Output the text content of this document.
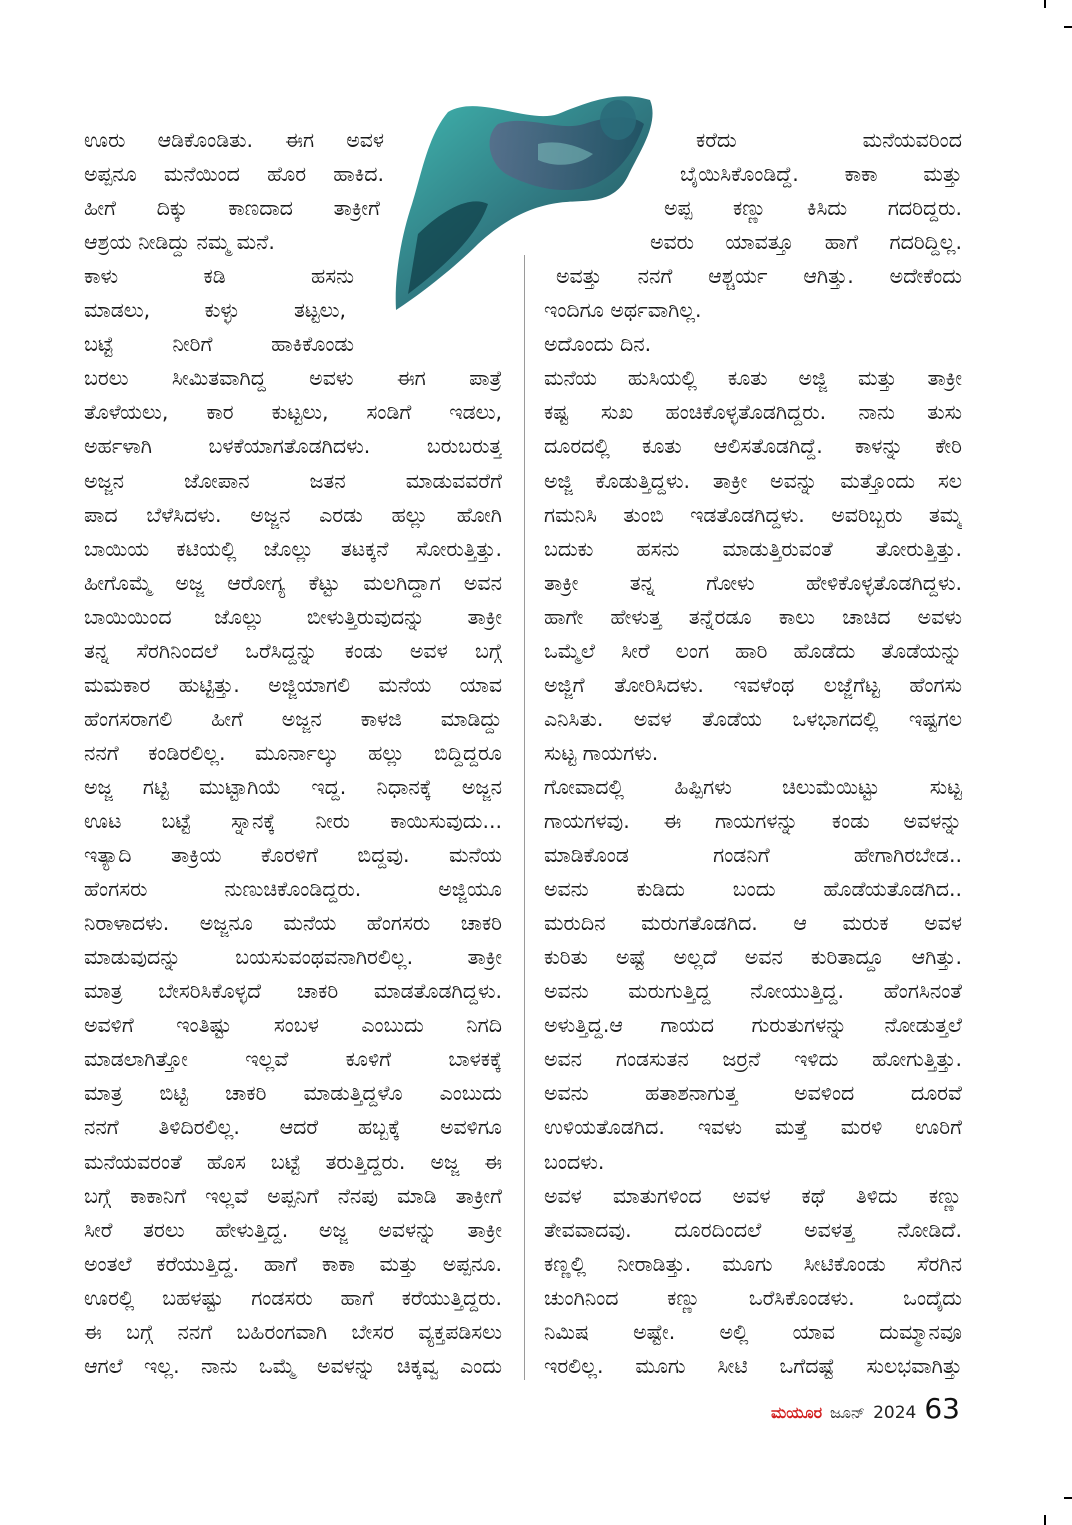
ಊರು ಆಡಿಕೊಂಡಿತು. ಈಗ ಅವಳ
ಅಪ್ಪನೂ ಮನೆಯಿಂದ ಹೊರ ಹಾಕಿದ.
ಹೀಗೆ ದಿಕ್ಕು ಕಾಣದಾದ ತಾಕ್ರೀಗೆ
ಆಶ್ರಯ ನೀಡಿದ್ದು ನಮ್ಮ ಮನೆ.
ಕಾಳು ಕಡಿ ಹಸನು
ಮಾಡಲು, ಕುಳ್ಳು ತಟ್ಟಲು,
ಬಟ್ಟೆ ನೀರಿಗೆ ಹಾಕಿಕೊಂಡು
ಬರಲು ಸೀಮಿತವಾಗಿದ್ದ ಅವಳು ಈಗ ಪಾತ್ರೆ
ತೊಳೆಯಲು, ಕಾರ ಕುಟ್ಟಲು, ಸಂಡಿಗೆ ಇಡಲು,
ಅರ್ಹಳಾಗಿ ಬಳಕೆಯಾಗತೊಡಗಿದಳು. ಬರುಬರುತ್ತ
ಅಜ್ಜನ ಜೋಪಾನ ಜತನ ಮಾಡುವವರೆಗೆ
ಪಾದ ಬೆಳೆಸಿದಳು. ಅಜ್ಜನ ಎರಡು ಹಲ್ಲು ಹೋಗಿ
ಬಾಯಿಯ ಕಟಿಯಲ್ಲಿ ಜೊಲ್ಲು ತಟಕ್ಕನೆ ಸೋರುತ್ತಿತ್ತು.
ಹೀಗೊಮ್ಮೆ ಅಜ್ಜ ಆರೋಗ್ಯ ಕೆಟ್ಟು ಮಲಗಿದ್ದಾಗ ಅವನ
ಬಾಯಿಯಿಂದ ಜೊಲ್ಲು ಬೀಳುತ್ತಿರುವುದನ್ನು ತಾಕ್ರೀ
ತನ್ನ ಸೆರಗಿನಿಂದಲೆ ಒರೆಸಿದ್ದನ್ನು ಕಂಡು ಅವಳ ಬಗ್ಗೆ
ಮಮಕಾರ ಹುಟ್ಟಿತ್ತು. ಅಜ್ಜಿಯಾಗಲಿ ಮನೆಯ ಯಾವ
ಹೆಂಗಸರಾಗಲಿ ಹೀಗೆ ಅಜ್ಜನ ಕಾಳಜಿ ಮಾಡಿದ್ದು
ನನಗೆ ಕಂಡಿರಲಿಲ್ಲ. ಮೂರ್ನಾಲ್ಕು ಹಲ್ಲು ಬಿದ್ದಿದ್ದರೂ
ಅಜ್ಜ ಗಟ್ಟಿ ಮುಟ್ಟಾಗಿಯೆ ಇದ್ದ. ನಿಧಾನಕ್ಕೆ ಅಜ್ಜನ
ಊಟ ಬಟ್ಟೆ ಸ್ನಾನಕ್ಕೆ ನೀರು ಕಾಯಿಸುವುದು...
ಇತ್ಯಾದಿ ತಾಕ್ರಿಯ ಕೊರಳಿಗೆ ಬಿದ್ದವು. ಮನೆಯ
ಹೆಂಗಸರು ನುಣುಚಿಕೊಂಡಿದ್ದರು. ಅಜ್ಜಿಯೂ
ನಿರಾಳಾದಳು. ಅಜ್ಜನೂ ಮನೆಯ ಹೆಂಗಸರು ಚಾಕರಿ
ಮಾಡುವುದನ್ನು ಬಯಸುವಂಥವನಾಗಿರಲಿಲ್ಲ. ತಾಕ್ರೀ
ಮಾತ್ರ ಬೇಸರಿಸಿಕೊಳ್ಳದೆ ಚಾಕರಿ ಮಾಡತೊಡಗಿದ್ದಳು.
ಅವಳಿಗೆ ಇಂತಿಷ್ಟು ಸಂಬಳ ಎಂಬುದು ನಿಗದಿ
ಮಾಡಲಾಗಿತ್ತೋ ಇಲ್ಲವೆ ಕೂಳಿಗೆ ಬಾಳಕಕ್ಕೆ
ಮಾತ್ರ ಬಿಟ್ಟಿ ಚಾಕರಿ ಮಾಡುತ್ತಿದ್ದಳೊ ಎಂಬುದು
ನನಗೆ ತಿಳಿದಿರಲಿಲ್ಲ. ಆದರೆ ಹಬ್ಬಕ್ಕೆ ಅವಳಿಗೂ
ಮನೆಯವರಂತೆ ಹೊಸ ಬಟ್ಟೆ ತರುತ್ತಿದ್ದರು. ಅಜ್ಜ ಈ
ಬಗ್ಗೆ ಕಾಕಾನಿಗೆ ಇಲ್ಲವೆ ಅಪ್ಪನಿಗೆ ನೆನಪು ಮಾಡಿ ತಾಕ್ರೀಗೆ
ಸೀರೆ ತರಲು ಹೇಳುತ್ತಿದ್ದ. ಅಜ್ಜ ಅವಳನ್ನು ತಾಕ್ರೀ
ಅಂತಲೆ ಕರೆಯುತ್ತಿದ್ದ. ಹಾಗೆ ಕಾಕಾ ಮತ್ತು ಅಪ್ಪನೂ.
ಊರಲ್ಲಿ ಬಹಳಷ್ಟು ಗಂಡಸರು ಹಾಗೆ ಕರೆಯುತ್ತಿದ್ದರು.
ಈ ಬಗ್ಗೆ ನನಗೆ ಬಹಿರಂಗವಾಗಿ ಬೇಸರ ವ್ಯಕ್ತಪಡಿಸಲು
ಆಗಲೆ ಇಲ್ಲ. ನಾನು ಒಮ್ಮೆ ಅವಳನ್ನು ಚಿಕ್ಕವ್ವ ಎಂದು
ಕರೆದು ಮನೆಯವರಿಂದ
ಬೈಯಿಸಿಕೊಂಡಿದ್ದೆ. ಕಾಕಾ ಮತ್ತು
ಅಪ್ಪ ಕಣ್ಣು ಕಿಸಿದು ಗದರಿದ್ದರು.
ಅವರು ಯಾವತ್ತೂ ಹಾಗೆ ಗದರಿದ್ದಿಲ್ಲ.
ಅವತ್ತು ನನಗೆ ಆಶ್ಚರ್ಯ ಆಗಿತ್ತು. ಅದೇಕೆಂದು
ಇಂದಿಗೂ ಅರ್ಥವಾಗಿಲ್ಲ.
ಅದೊಂದು ದಿನ.
ಮನೆಯ ಹುಸಿಯಲ್ಲಿ ಕೂತು ಅಜ್ಜಿ ಮತ್ತು ತಾಕ್ರೀ
ಕಷ್ಟ ಸುಖ ಹಂಚಿಕೊಳ್ಳತೊಡಗಿದ್ದರು. ನಾನು ತುಸು
ದೂರದಲ್ಲಿ ಕೂತು ಆಲಿಸತೊಡಗಿದ್ದೆ. ಕಾಳನ್ನು ಕೇರಿ
ಅಜ್ಜಿ ಕೊಡುತ್ತಿದ್ದಳು. ತಾಕ್ರೀ ಅವನ್ನು ಮತ್ತೊಂದು ಸಲ
ಗಮನಿಸಿ ತುಂಬಿ ಇಡತೊಡಗಿದ್ದಳು. ಅವರಿಬ್ಬರು ತಮ್ಮ
ಬದುಕು ಹಸನು ಮಾಡುತ್ತಿರುವಂತೆ ತೋರುತ್ತಿತ್ತು.
ತಾಕ್ರೀ ತನ್ನ ಗೋಳು ಹೇಳಿಕೊಳ್ಳತೊಡಗಿದ್ದಳು.
ಹಾಗೇ ಹೇಳುತ್ತ ತನ್ನೆರಡೂ ಕಾಲು ಚಾಚಿದ ಅವಳು
ಒಮ್ಮೆಲೆ ಸೀರೆ ಲಂಗ ಹಾರಿ ಹೊಡೆದು ತೊಡೆಯನ್ನು
ಅಜ್ಜಿಗೆ ತೋರಿಸಿದಳು. ಇವಳೆಂಥ ಲಜ್ಜೆಗೆಟ್ಟ ಹೆಂಗಸು
ಎನಿಸಿತು. ಅವಳ ತೊಡೆಯ ಒಳಭಾಗದಲ್ಲಿ ಇಷ್ಟಗಲ
ಸುಟ್ಟ ಗಾಯಗಳು.
ಗೋವಾದಲ್ಲಿ ಹಿಪ್ಪಿಗಳು ಚಿಲುಮೆಯಿಟ್ಟು ಸುಟ್ಟ
ಗಾಯಗಳವು. ಈ ಗಾಯಗಳನ್ನು ಕಂಡು ಅವಳನ್ನು
ಮಾಡಿಕೊಂಡ ಗಂಡನಿಗೆ ಹೇಗಾಗಿರಬೇಡ..
ಅವನು ಕುಡಿದು ಬಂದು ಹೊಡೆಯತೊಡಗಿದ..
ಮರುದಿನ ಮರುಗತೊಡಗಿದ. ಆ ಮರುಕ ಅವಳ
ಕುರಿತು ಅಷ್ಟೆ ಅಲ್ಲದೆ ಅವನ ಕುರಿತಾದ್ದೂ ಆಗಿತ್ತು.
ಅವನು ಮರುಗುತ್ತಿದ್ದ ನೋಯುತ್ತಿದ್ದ. ಹೆಂಗಸಿನಂತೆ
ಅಳುತ್ತಿದ್ದ.ಆ ಗಾಯದ ಗುರುತುಗಳನ್ನು ನೋಡುತ್ತಲೆ
ಅವನ ಗಂಡಸುತನ ಜರ್ರನೆ ಇಳಿದು ಹೋಗುತ್ತಿತ್ತು.
ಅವನು ಹತಾಶನಾಗುತ್ತ ಅವಳಿಂದ ದೂರವೆ
ಉಳಿಯತೊಡಗಿದ. ಇವಳು ಮತ್ತೆ ಮರಳಿ ಊರಿಗೆ
ಬಂದಳು.
ಅವಳ ಮಾತುಗಳಿಂದ ಅವಳ ಕಥೆ ತಿಳಿದು ಕಣ್ಣು
ತೇವವಾದವು. ದೂರದಿಂದಲೆ ಅವಳತ್ತ ನೋಡಿದೆ.
ಕಣ್ಣಲ್ಲಿ ನೀರಾಡಿತ್ತು. ಮೂಗು ಸೀಟಿಕೊಂಡು ಸೆರಗಿನ
ಚುಂಗಿನಿಂದ ಕಣ್ಣು ಒರೆಸಿಕೊಂಡಳು. ಒಂದೈದು
ನಿಮಿಷ ಅಷ್ಟೇ. ಅಲ್ಲಿ ಯಾವ ದುಮ್ಮಾನವೂ
ಇರಲಿಲ್ಲ. ಮೂಗು ಸೀಟಿ ಒಗೆದಷ್ಟೆ ಸುಲಭವಾಗಿತ್ತು
ಮಯೂರ ಜೂನ್ 2024 63
